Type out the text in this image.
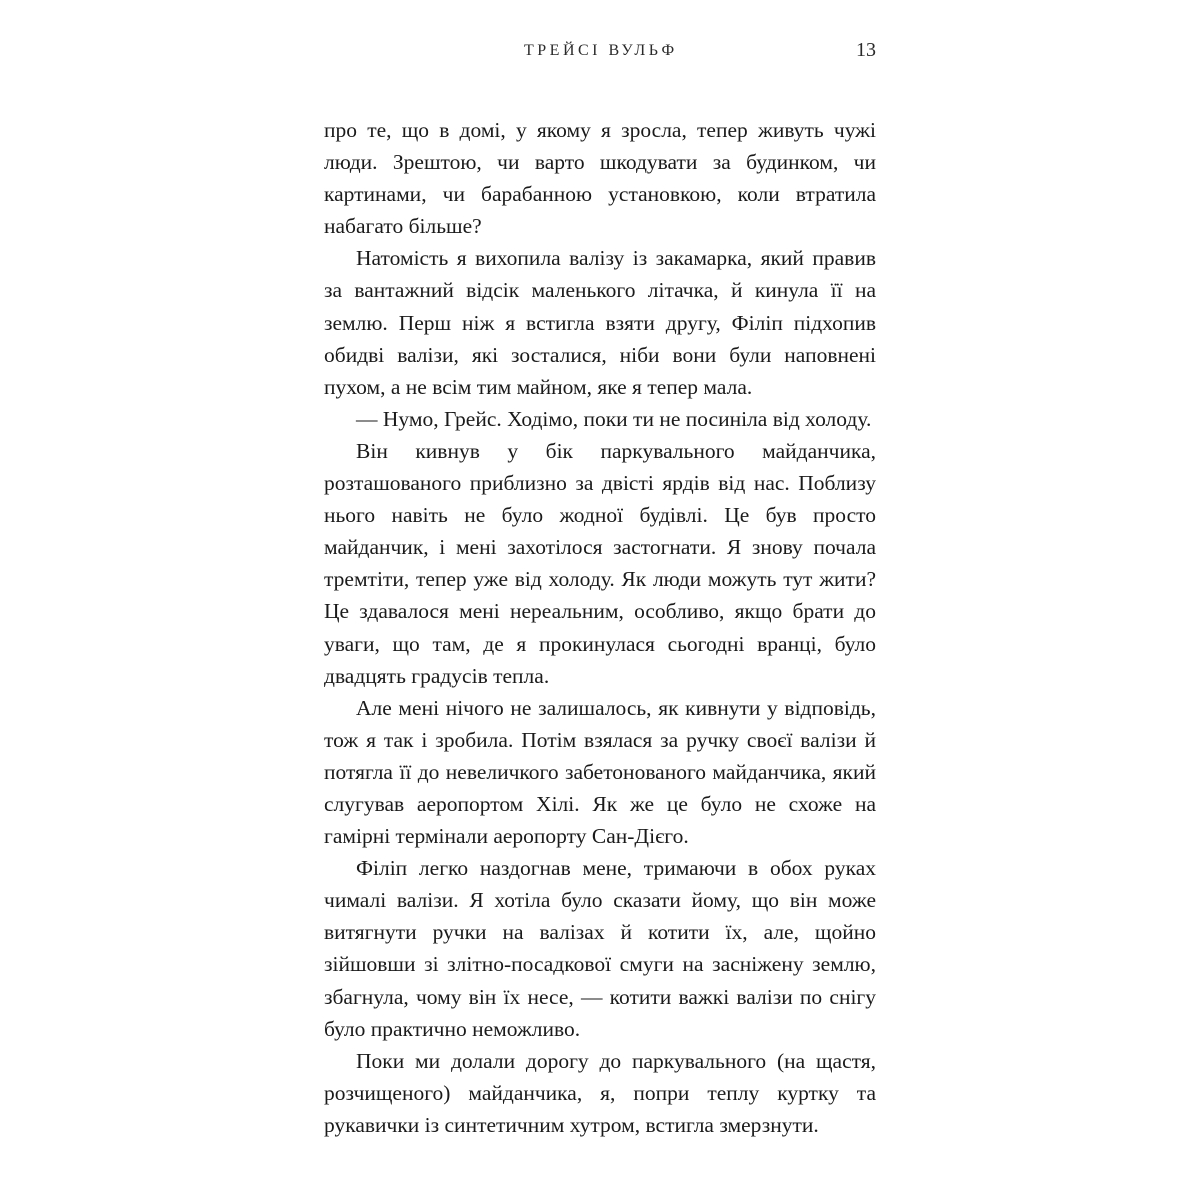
ТРЕЙСІ ВУЛЬФ	13

про те, що в домі, у якому я зросла, тепер живуть чужі люди. Зрештою, чи варто шкодувати за будинком, чи картинами, чи барабанною установкою, коли втратила набагато більше?

Натомість я вихопила валізу із закамарка, який правив за вантажний відсік маленького літачка, й кинула її на землю. Перш ніж я встигла взяти другу, Філіп підхопив обидві валізи, які зосталися, ніби вони були наповнені пухом, а не всім тим майном, яке я тепер мала.

— Нумо, Грейс. Ходімо, поки ти не посиніла від холоду.

Він кивнув у бік паркувального майданчика, розташованого приблизно за двісті ярдів від нас. Поблизу нього навіть не було жодної будівлі. Це був просто майданчик, і мені захотілося застогнати. Я знову почала тремтіти, тепер уже від холоду. Як люди можуть тут жити? Це здавалося мені нереальним, особливо, якщо брати до уваги, що там, де я прокинулася сьогодні вранці, було двадцять градусів тепла.

Але мені нічого не залишалось, як кивнути у відповідь, тож я так і зробила. Потім взялася за ручку своєї валізи й потягла її до невеличкого забетонованого майданчика, який слугував аеропортом Хілі. Як же це було не схоже на гамірні термінали аеропорту Сан-Дієго.

Філіп легко наздогнав мене, тримаючи в обох руках чималі валізи. Я хотіла було сказати йому, що він може витягнути ручки на валізах й котити їх, але, щойно зійшовши зі злітно-посадкової смуги на засніжену землю, збагнула, чому він їх несе, — котити важкі валізи по снігу було практично неможливо.

Поки ми долали дорогу до паркувального (на щастя, розчищеного) майданчика, я, попри теплу куртку та рукавички із синтетичним хутром, встигла змерзнути.
